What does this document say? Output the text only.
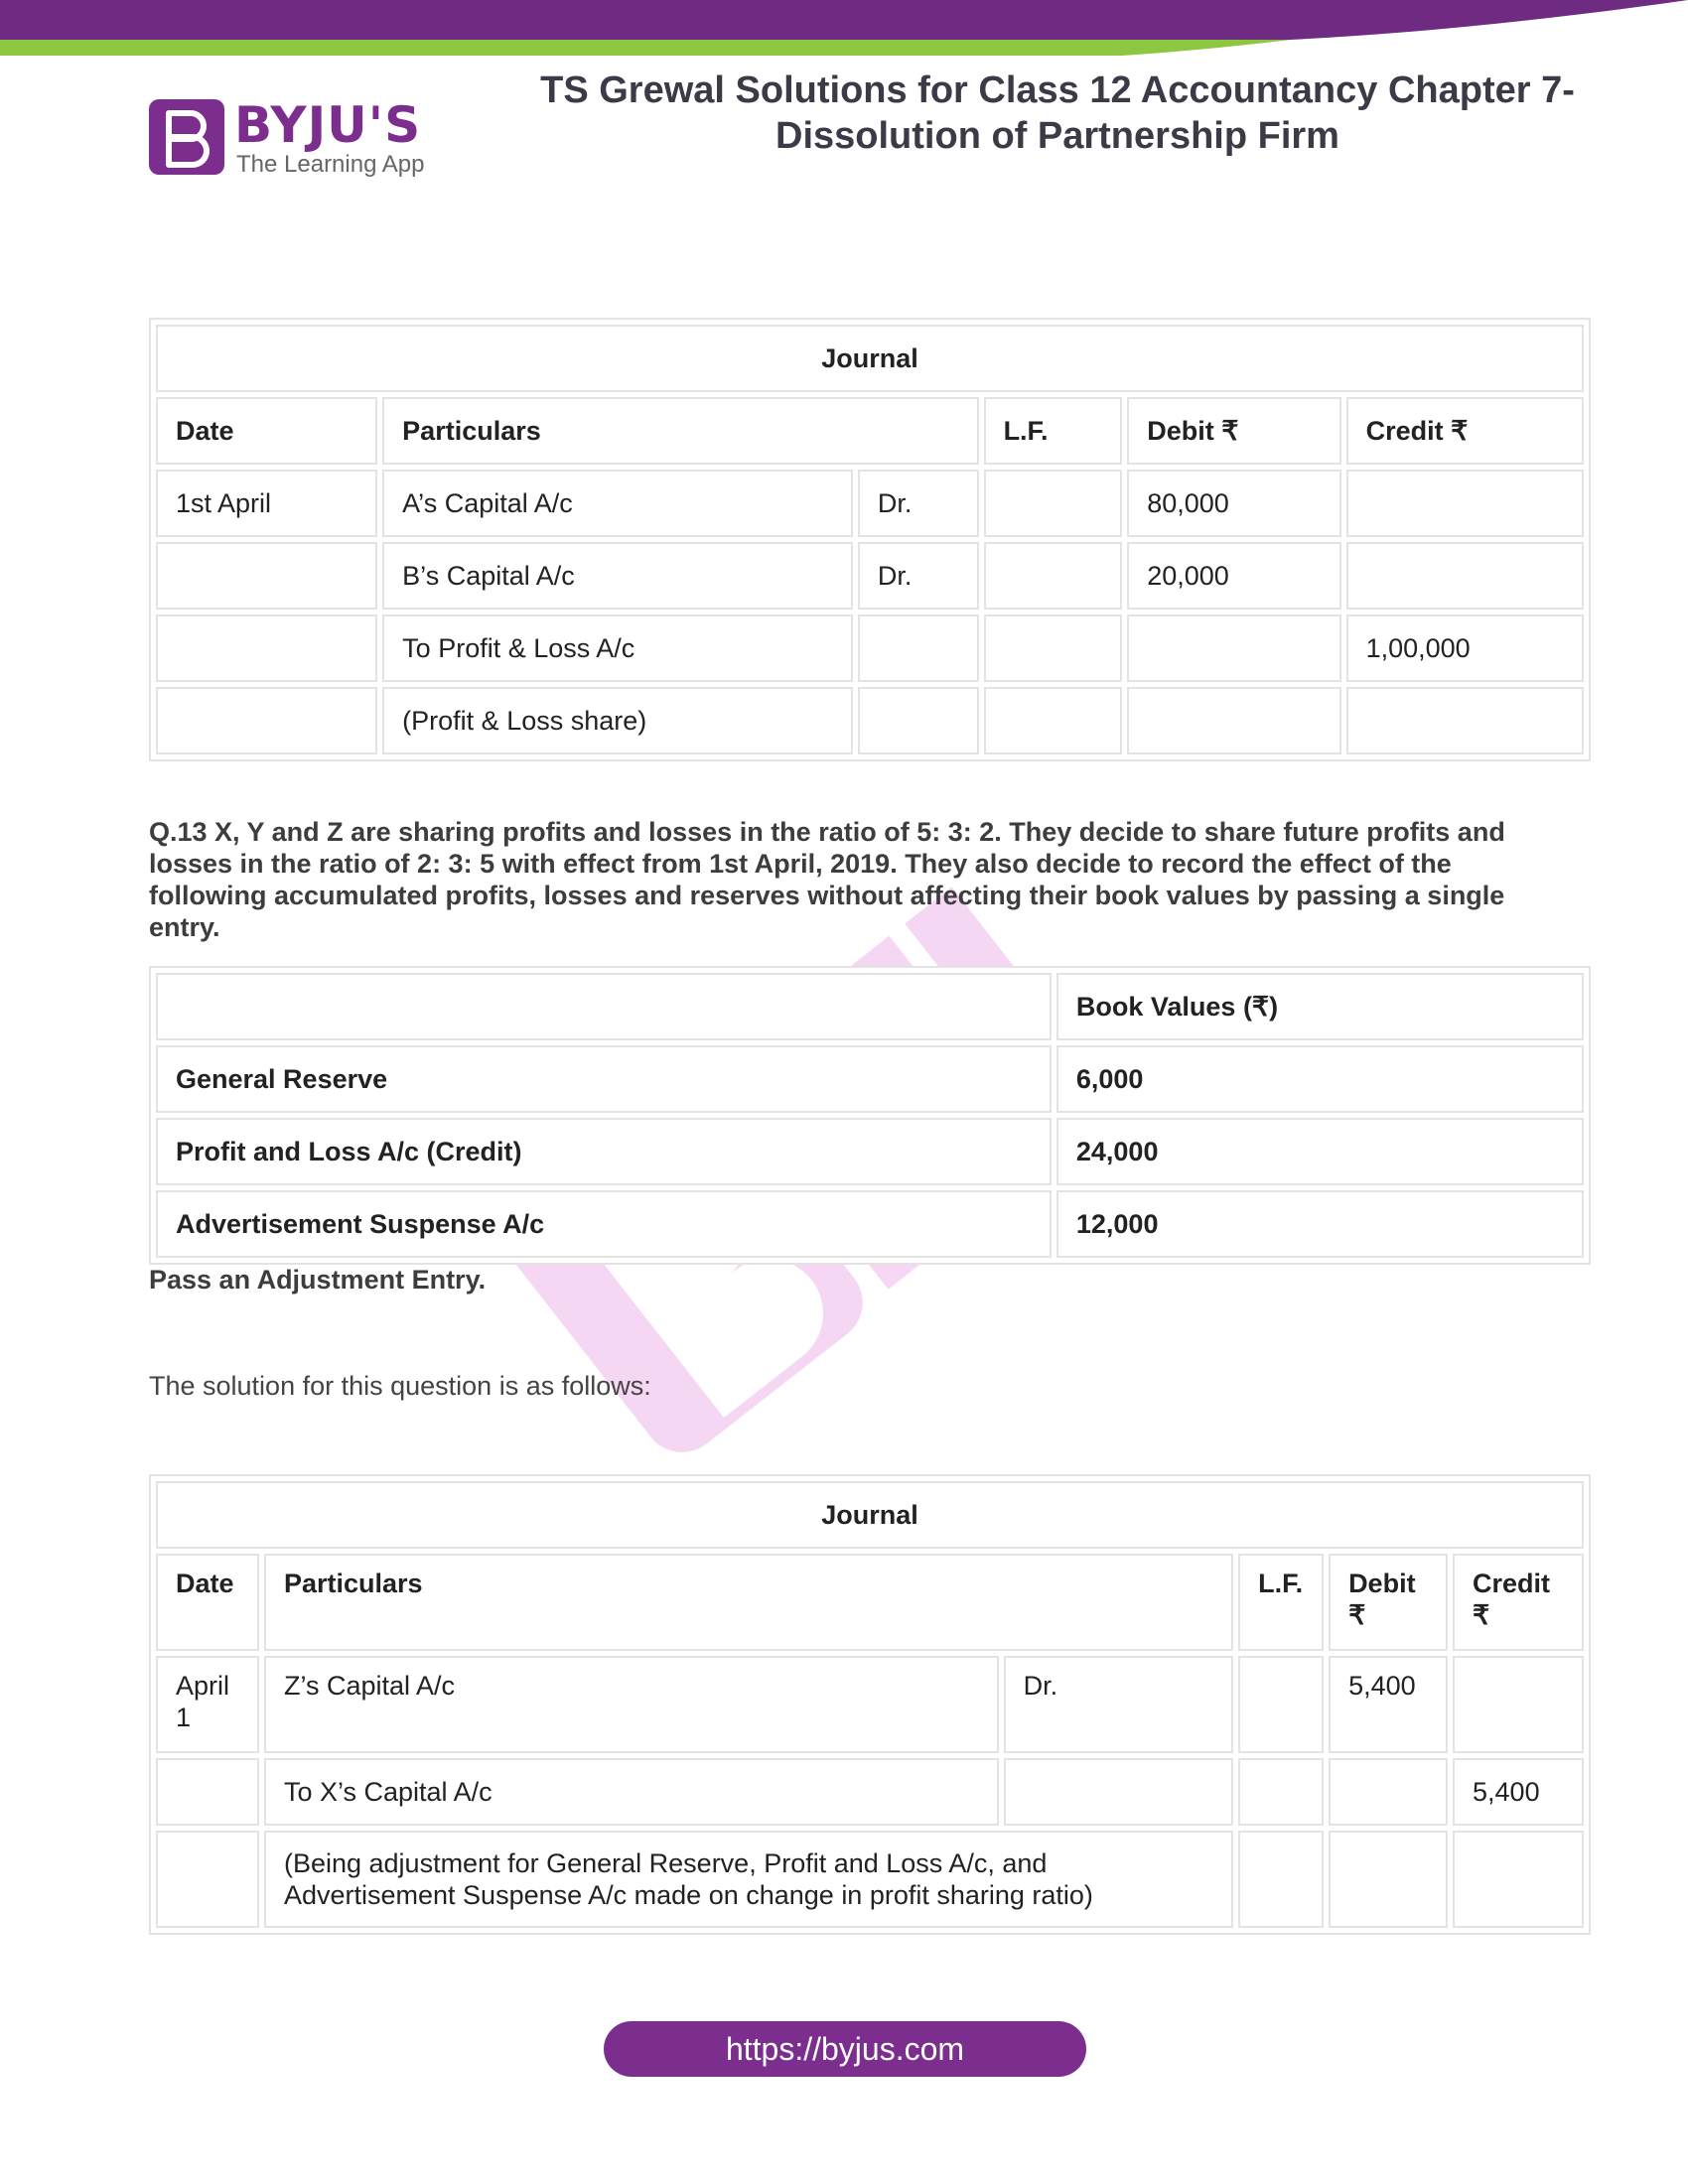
BYJU'S
The Learning App
TS Grewal Solutions for Class 12 Accountancy Chapter 7-
Dissolution of Partnership Firm
Journal					
Date	Particulars		L.F.	Debit ₹	Credit ₹
1st April	A’s Capital A/c	Dr.		80,000	
	B’s Capital A/c	Dr.		20,000	
	To Profit & Loss A/c				1,00,000
	(Profit & Loss share)				
Q.13 X, Y and Z are sharing profits and losses in the ratio of 5: 3: 2. They decide to share future profits and losses in the ratio of 2: 3: 5 with effect from 1st April, 2019. They also decide to record the effect of the following accumulated profits, losses and reserves without affecting their book values by passing a single entry.
	Book Values (₹)
General Reserve	6,000
Profit and Loss A/c (Credit)	24,000
Advertisement Suspense A/c	12,000
Pass an Adjustment Entry.
The solution for this question is as follows:
Journal					
Date	Particulars		L.F.	Debit ₹	Credit ₹
April 1	Z’s Capital A/c	Dr.		5,400	
	To X’s Capital A/c				5,400
	(Being adjustment for General Reserve, Profit and Loss A/c, and Advertisement Suspense A/c made on change in profit sharing ratio)				
https://byjus.com
